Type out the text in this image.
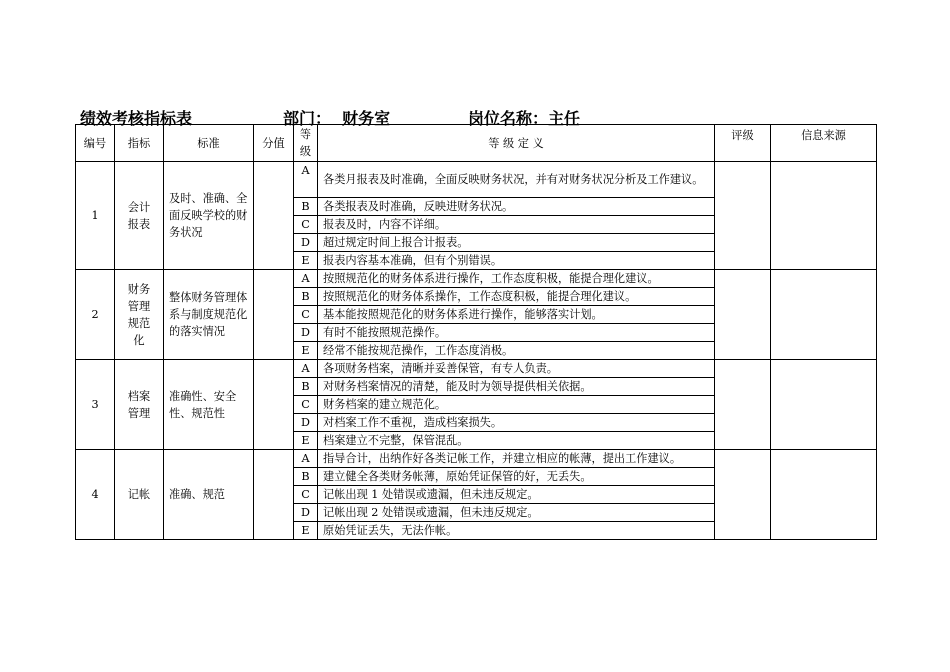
绩效考核指标表	部门：  财务室	岗位名称：主任
编号	指标	标准	分值	等级	等 级 定 义	评级	信息来源
1	会计报表	及时、准确、全面反映学校的财务状况		A	各类月报表及时准确，全面反映财务状况，并有对财务状况分析及工作建议。		
				B	各类报表及时准确，反映进财务状况。		
				C	报表及时，内容不详细。		
				D	超过规定时间上报合计报表。		
				E	报表内容基本准确，但有个别错误。		
2	财务管理规范化	整体财务管理体系与制度规范化的落实情况		A	按照规范化的财务体系进行操作，工作态度积极，能提合理化建议。		
				B	按照规范化的财务体系操作，工作态度积极，能提合理化建议。		
				C	基本能按照规范化的财务体系进行操作，能够落实计划。		
				D	有时不能按照规范操作。		
				E	经常不能按规范操作，工作态度消极。		
3	档案管理	准确性、安全性、规范性		A	各项财务档案，清晰并妥善保管，有专人负责。		
				B	对财务档案情况的清楚，能及时为领导提供相关依据。		
				C	财务档案的建立规范化。		
				D	对档案工作不重视，造成档案损失。		
				E	档案建立不完整，保管混乱。		
4	记帐	准确、规范		A	指导合计，出纳作好各类记帐工作，并建立相应的帐薄，提出工作建议。		
				B	建立健全各类财务帐薄，原始凭证保管的好，无丢失。		
				C	记帐出现 1 处错误或遗漏，但未违反规定。		
				D	记帐出现 2 处错误或遗漏，但未违反规定。		
				E	原始凭证丢失，无法作帐。		
